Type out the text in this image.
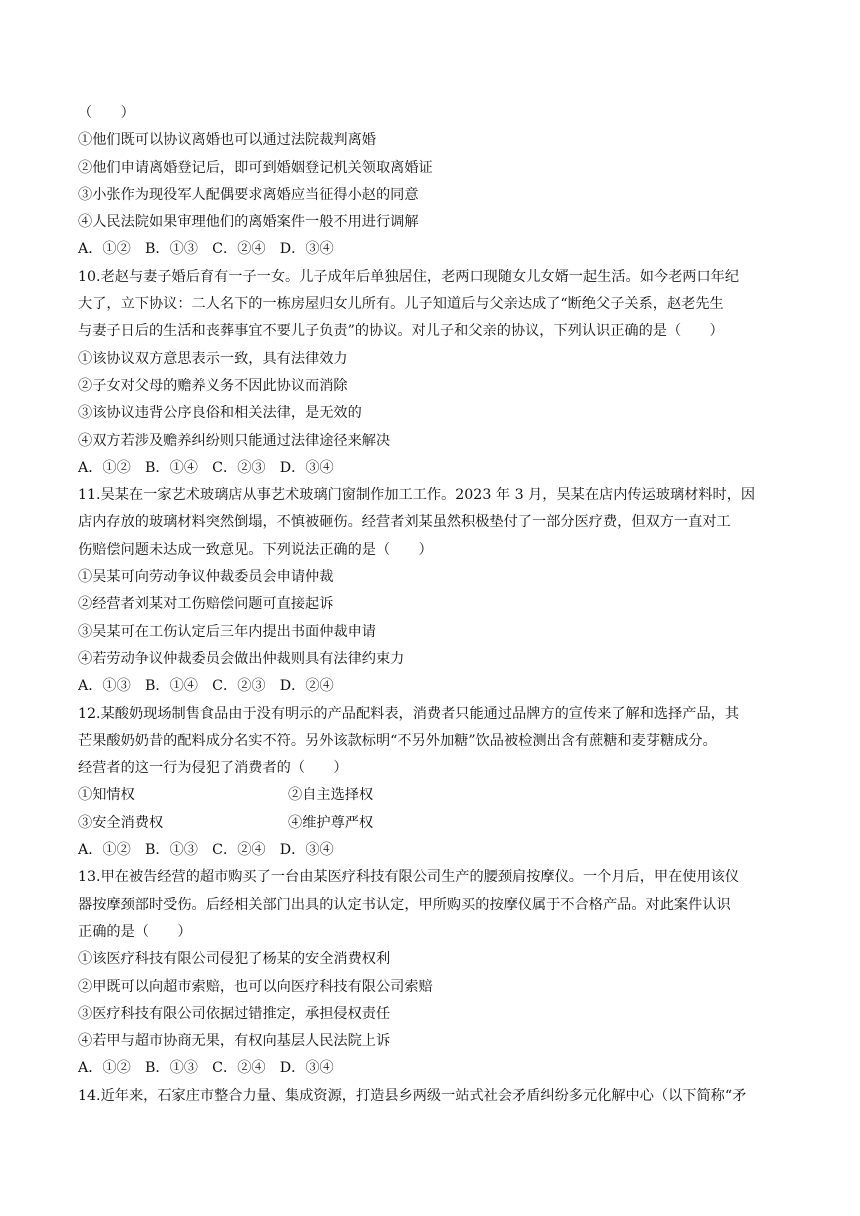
（　　）
①他们既可以协议离婚也可以通过法院裁判离婚
②他们申请离婚登记后，即可到婚姻登记机关领取离婚证
③小张作为现役军人配偶要求离婚应当征得小赵的同意
④人民法院如果审理他们的离婚案件一般不用进行调解
A．①②　B．①③　C．②④　D．③④
10.老赵与妻子婚后育有一子一女。儿子成年后单独居住，老两口现随女儿女婿一起生活。如今老两口年纪
大了，立下协议：二人名下的一栋房屋归女儿所有。儿子知道后与父亲达成了“断绝父子关系，赵老先生
与妻子日后的生活和丧葬事宜不要儿子负责”的协议。对儿子和父亲的协议，下列认识正确的是（　　）
①该协议双方意思表示一致，具有法律效力
②子女对父母的赡养义务不因此协议而消除
③该协议违背公序良俗和相关法律，是无效的
④双方若涉及赡养纠纷则只能通过法律途径来解决
A．①②　B．①④　C．②③　D．③④
11.吴某在一家艺术玻璃店从事艺术玻璃门窗制作加工工作。2023 年 3 月，吴某在店内传运玻璃材料时，因
店内存放的玻璃材料突然倒塌，不慎被砸伤。经营者刘某虽然积极垫付了一部分医疗费，但双方一直对工
伤赔偿问题未达成一致意见。下列说法正确的是（　　）
①吴某可向劳动争议仲裁委员会申请仲裁
②经营者刘某对工伤赔偿问题可直接起诉
③吴某可在工伤认定后三年内提出书面仲裁申请
④若劳动争议仲裁委员会做出仲裁则具有法律约束力
A．①③　B．①④　C．②③　D．②④
12.某酸奶现场制售食品由于没有明示的产品配料表，消费者只能通过品牌方的宣传来了解和选择产品，其
芒果酸奶奶昔的配料成分名实不符。另外该款标明“不另外加糖”饮品被检测出含有蔗糖和麦芽糖成分。
经营者的这一行为侵犯了消费者的（　　）
①知情权	②自主选择权
③安全消费权	④维护尊严权
A．①②　B．①③　C．②④　D．③④
13.甲在被告经营的超市购买了一台由某医疗科技有限公司生产的腰颈肩按摩仪。一个月后，甲在使用该仪
器按摩颈部时受伤。后经相关部门出具的认定书认定，甲所购买的按摩仪属于不合格产品。对此案件认识
正确的是（　　）
①该医疗科技有限公司侵犯了杨某的安全消费权利
②甲既可以向超市索赔，也可以向医疗科技有限公司索赔
③医疗科技有限公司依据过错推定，承担侵权责任
④若甲与超市协商无果，有权向基层人民法院上诉
A．①②　B．①③　C．②④　D．③④
14.近年来，石家庄市整合力量、集成资源，打造县乡两级一站式社会矛盾纠纷多元化解中心（以下简称“矛
